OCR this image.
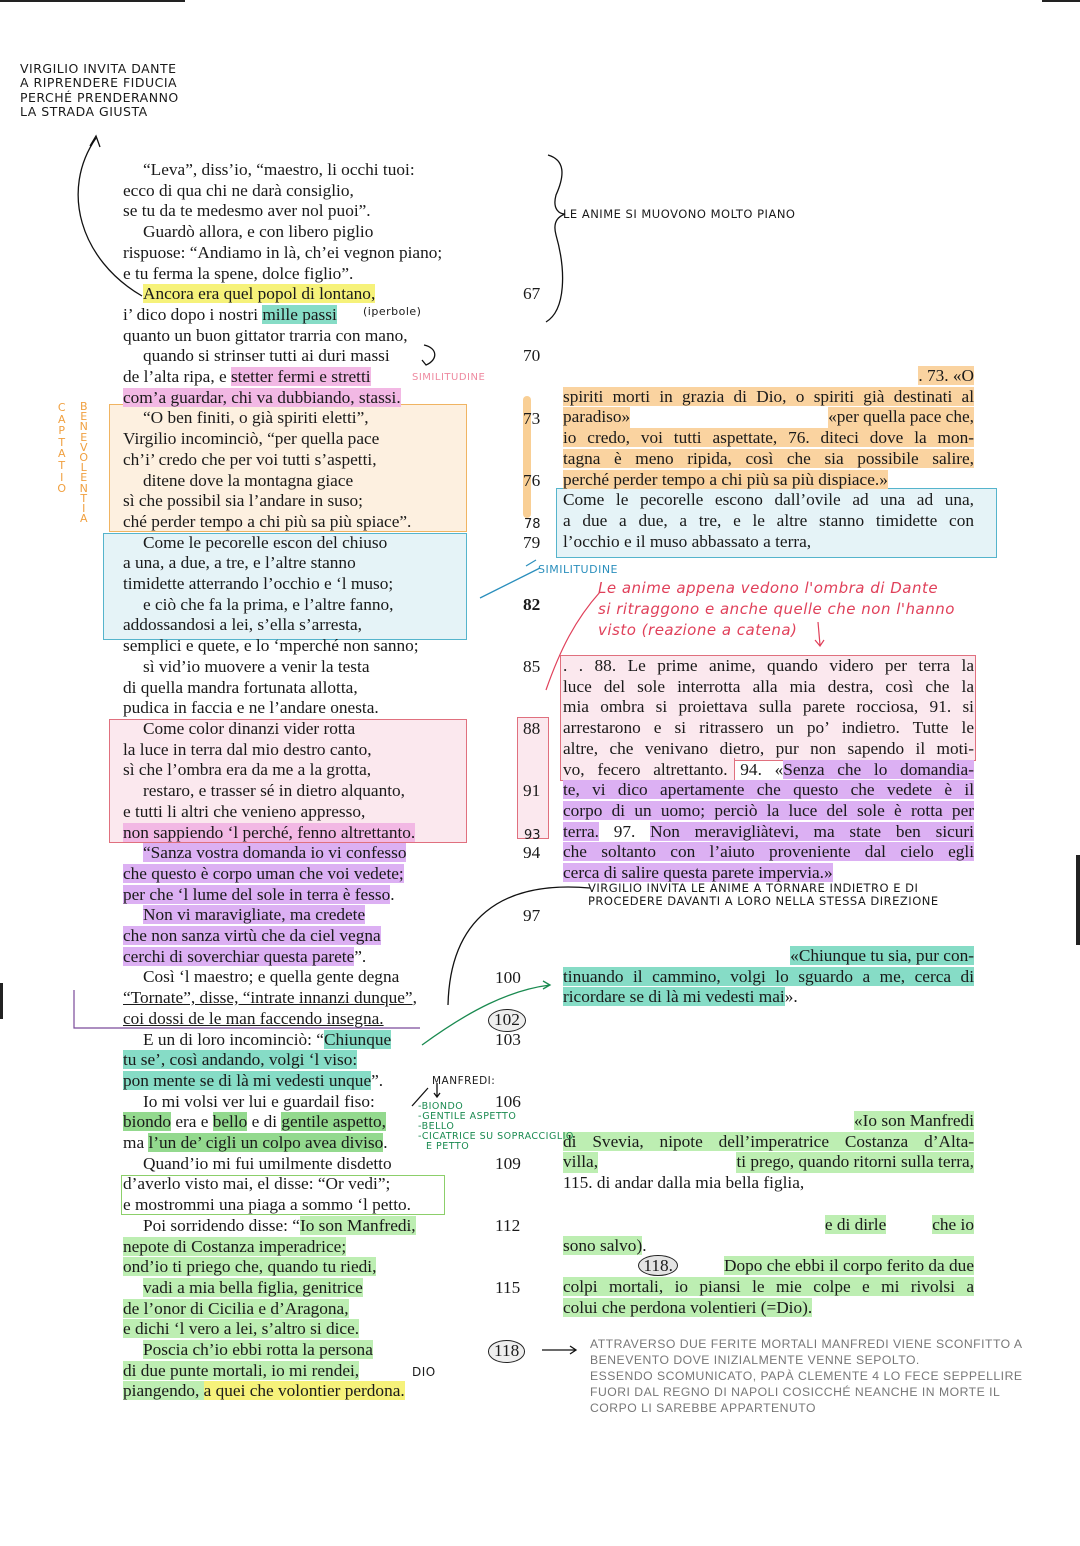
“Leva”, diss’io, “maestro, li occhi tuoi:
ecco di qua chi ne darà consiglio,
se tu da te medesmo aver nol puoi”.
Guardò allora, e con libero piglio
rispuose: “Andiamo in là, ch’ei vegnon piano;
e tu ferma la spene, dolce figlio”.
Ancora era quel popol di lontano,
i’ dico dopo i nostri mille passi
quanto un buon gittator trarria con mano,
quando si strinser tutti ai duri massi
de l’alta ripa, e stetter fermi e stretti
com’a guardar, chi va dubbiando, stassi.
“O ben finiti, o già spiriti eletti”,
Virgilio incominciò, “per quella pace
ch’i’ credo che per voi tutti s’aspetti,
ditene dove la montagna giace
sì che possibil sia l’andare in suso;
ché perder tempo a chi più sa più spiace”.
Come le pecorelle escon del chiuso
a una, a due, a tre, e l’altre stanno
timidette atterrando l’occhio e ‘l muso;
e ciò che fa la prima, e l’altre fanno,
addossandosi a lei, s’ella s’arresta,
semplici e quete, e lo ‘mperché non sanno;
sì vid’io muovere a venir la testa
di quella mandra fortunata allotta,
pudica in faccia e ne l’andare onesta.
Come color dinanzi vider rotta
la luce in terra dal mio destro canto,
sì che l’ombra era da me a la grotta,
restaro, e trasser sé in dietro alquanto,
e tutti li altri che venieno appresso,
non sappiendo ‘l perché, fenno altrettanto.
“Sanza vostra domanda io vi confesso
che questo è corpo uman che voi vedete;
per che ‘l lume del sole in terra è fesso.
Non vi maravigliate, ma credete
che non sanza virtù che da ciel vegna
cerchi di soverchiar questa parete”.
Così ‘l maestro; e quella gente degna
“Tornate”, disse, “intrate innanzi dunque”,
coi dossi de le man faccendo insegna.
E un di loro incominciò: “Chiunque
tu se’, così andando, volgi ‘l viso:
pon mente se di là mi vedesti unque”.
Io mi volsi ver lui e guardail fiso:
biondo era e bello e di gentile aspetto,
ma l’un de’ cigli un colpo avea diviso.
Quand’io mi fui umilmente disdetto
d’averlo visto mai, el disse: “Or vedi”;
e mostrommi una piaga a sommo ‘l petto.
Poi sorridendo disse: “Io son Manfredi,
nepote di Costanza imperadrice;
ond’io ti priego che, quando tu riedi,
vadi a mia bella figlia, genitrice
de l’onor di Cicilia e d’Aragona,
e dichi ‘l vero a lei, s’altro si dice.
Poscia ch’io ebbi rotta la persona
di due punte mortali, io mi rendei,
piangendo, a quei che volontier perdona.
67
70
73
76
78
79
82
85
88
91
93
94
97
100
102
103
106
109
112
115
118
. 73. «O
spiriti morti in grazia di Dio, o spiriti già destinati al
paradiso»	«per quella pace che,
io credo, voi tutti aspettate, 76. diteci dove la mon-
tagna è meno ripida, così che sia possibile salire,
perché perder tempo a chi più sa più dispiace.»
Come le pecorelle escono dall’ovile ad una ad una,
a due a due, a tre, e le altre stanno timidette con
l’occhio e il muso abbassato a terra,
. . 88. Le prime anime, quando videro per terra la
luce del sole interrotta alla mia destra, così che la
mia ombra si proiettava sulla parete rocciosa, 91. si
arrestarono e si ritrassero un po’ indietro. Tutte le
altre, che venivano dietro, pur non sapendo il moti-
vo, fecero altrettanto. 94. «Senza che lo domandia-
te, vi dico apertamente che questo che vedete è il
corpo di un uomo; perciò la luce del sole è rotta per
terra. 97. Non meravigliàtevi, ma state ben sicuri
che soltanto con l’aiuto proveniente dal cielo egli
cerca di salire questa parete impervia.»
«Chiunque tu sia, pur con-
tinuando il cammino, volgi lo sguardo a me, cerca di
ricordare se di là mi vedesti mai».
«Io son Manfredi
di Svevia, nipote dell’imperatrice Costanza d’Alta-
villa,	ti prego, quando ritorni sulla terra,
115. di andar dalla mia bella figlia,
e di dirle	che io
sono salvo).
118.	Dopo che ebbi il corpo ferito da due
colpi mortali, io piansi le mie colpe e mi rivolsi a
colui che perdona volentieri (=Dio).
VIRGILIO INVITA DANTE
A RIPRENDERE FIDUCIA
PERCHÉ PRENDERANNO
LA STRADA GIUSTA
LE ANIME SI MUOVONO MOLTO PIANO
(iperbole)
CAPTATIO
BENEVOLENTIA
SIMILITUDINE
SIMILITUDINE
Le anime appena vedono l'ombra di Dante
si ritraggono e anche quelle che non l'hanno
visto (reazione a catena)
VIRGILIO INVITA LE ANIME A TORNARE INDIETRO E DI
PROCEDERE DAVANTI A LORO NELLA STESSA DIREZIONE
MANFREDI:
-BIONDO
-GENTILE ASPETTO
-BELLO
-CICATRICE SU SOPRACCIGLIO
E PETTO
DIO
ATTRAVERSO DUE FERITE MORTALI MANFREDI VIENE SCONFITTO A
BENEVENTO DOVE INIZIALMENTE VENNE SEPOLTO.
ESSENDO SCOMUNICATO, PAPÀ CLEMENTE 4 LO FECE SEPPELLIRE
FUORI DAL REGNO DI NAPOLI COSICCHÉ NEANCHE IN MORTE IL
CORPO LI SAREBBE APPARTENUTO
